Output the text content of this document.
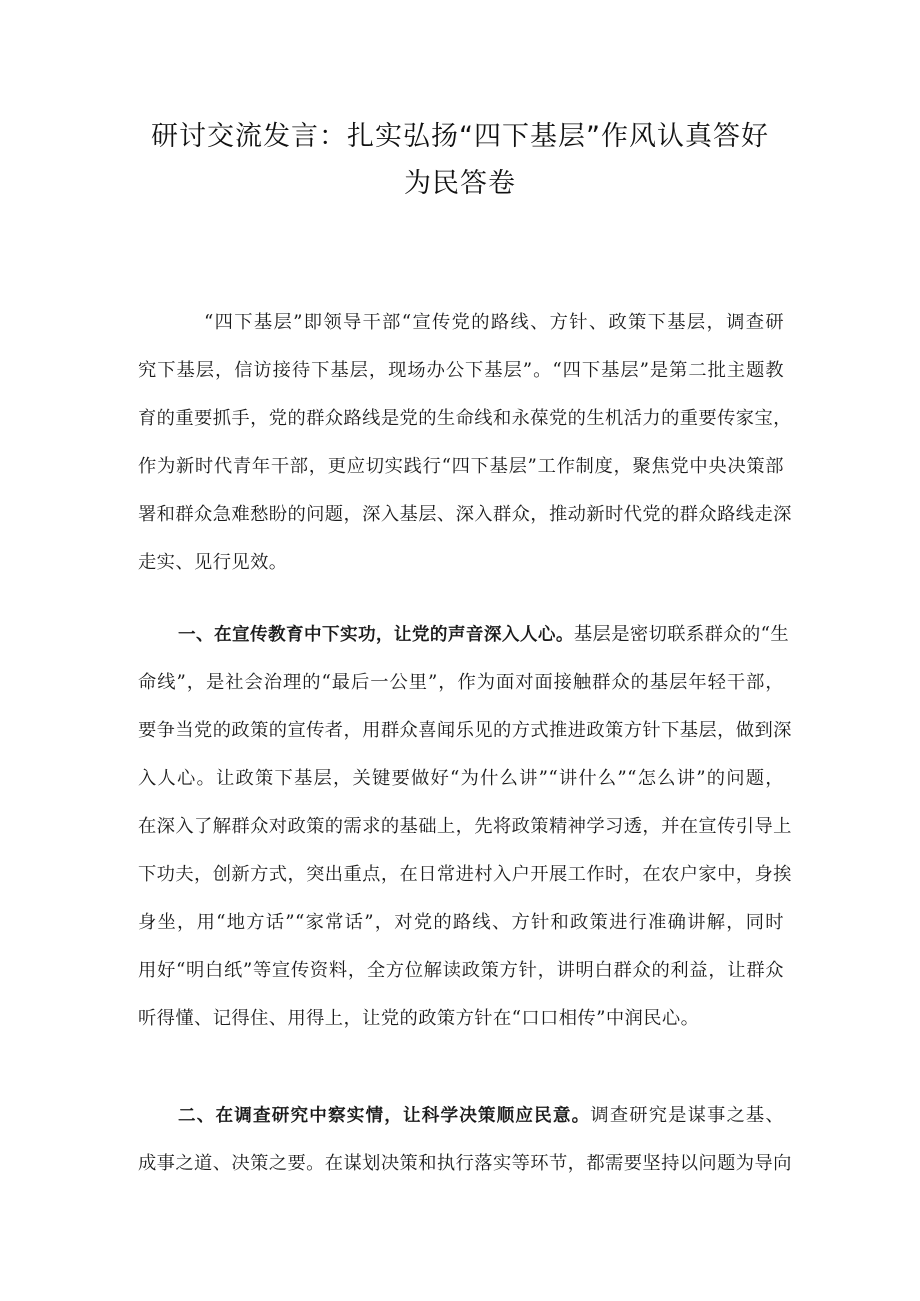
研讨交流发言：扎实弘扬“四下基层”作风认真答好
为民答卷
“四下基层”即领导干部“宣传党的路线、方针、政策下基层，调查研
究下基层，信访接待下基层，现场办公下基层”。“四下基层”是第二批主题教
育的重要抓手，党的群众路线是党的生命线和永葆党的生机活力的重要传家宝，
作为新时代青年干部，更应切实践行“四下基层”工作制度，聚焦党中央决策部
署和群众急难愁盼的问题，深入基层、深入群众，推动新时代党的群众路线走深
走实、见行见效。
一、在宣传教育中下实功，让党的声音深入人心。基层是密切联系群众的“生
命线”，是社会治理的“最后一公里”，作为面对面接触群众的基层年轻干部，
要争当党的政策的宣传者，用群众喜闻乐见的方式推进政策方针下基层，做到深
入人心。让政策下基层，关键要做好“为什么讲”“讲什么”“怎么讲”的问题，
在深入了解群众对政策的需求的基础上，先将政策精神学习透，并在宣传引导上
下功夫，创新方式，突出重点，在日常进村入户开展工作时，在农户家中，身挨
身坐，用“地方话”“家常话”，对党的路线、方针和政策进行准确讲解，同时
用好“明白纸”等宣传资料，全方位解读政策方针，讲明白群众的利益，让群众
听得懂、记得住、用得上，让党的政策方针在“口口相传”中润民心。
二、在调查研究中察实情，让科学决策顺应民意。调查研究是谋事之基、
成事之道、决策之要。在谋划决策和执行落实等环节，都需要坚持以问题为导向
